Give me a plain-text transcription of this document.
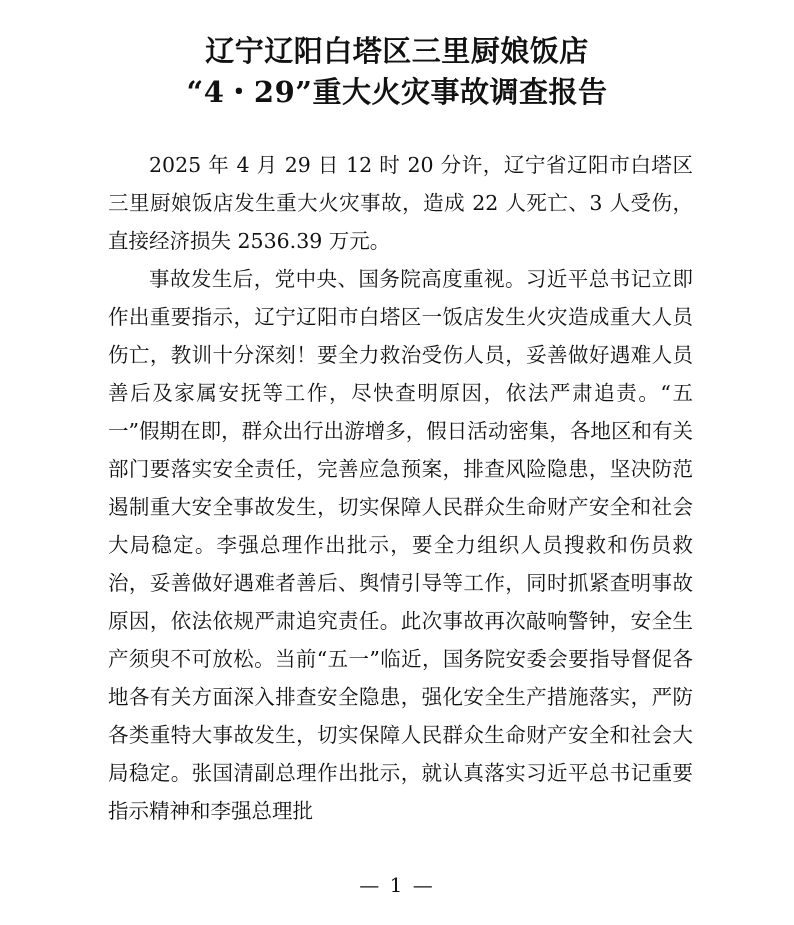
辽宁辽阳白塔区三里厨娘饭店
“4・29”重大火灾事故调查报告

2025 年 4 月 29 日 12 时 20 分许，辽宁省辽阳市白塔区三里厨娘饭店发生重大火灾事故，造成 22 人死亡、3 人受伤，直接经济损失 2536.39 万元。

事故发生后，党中央、国务院高度重视。习近平总书记立即作出重要指示，辽宁辽阳市白塔区一饭店发生火灾造成重大人员伤亡，教训十分深刻！要全力救治受伤人员，妥善做好遇难人员善后及家属安抚等工作，尽快查明原因，依法严肃追责。“五一”假期在即，群众出行出游增多，假日活动密集，各地区和有关部门要落实安全责任，完善应急预案，排查风险隐患，坚决防范遏制重大安全事故发生，切实保障人民群众生命财产安全和社会大局稳定。李强总理作出批示，要全力组织人员搜救和伤员救治，妥善做好遇难者善后、舆情引导等工作，同时抓紧查明事故原因，依法依规严肃追究责任。此次事故再次敲响警钟，安全生产须臾不可放松。当前“五一”临近，国务院安委会要指导督促各地各有关方面深入排查安全隐患，强化安全生产措施落实，严防各类重特大事故发生，切实保障人民群众生命财产安全和社会大局稳定。张国清副总理作出批示，就认真落实习近平总书记重要指示精神和李强总理批

— 1 —
